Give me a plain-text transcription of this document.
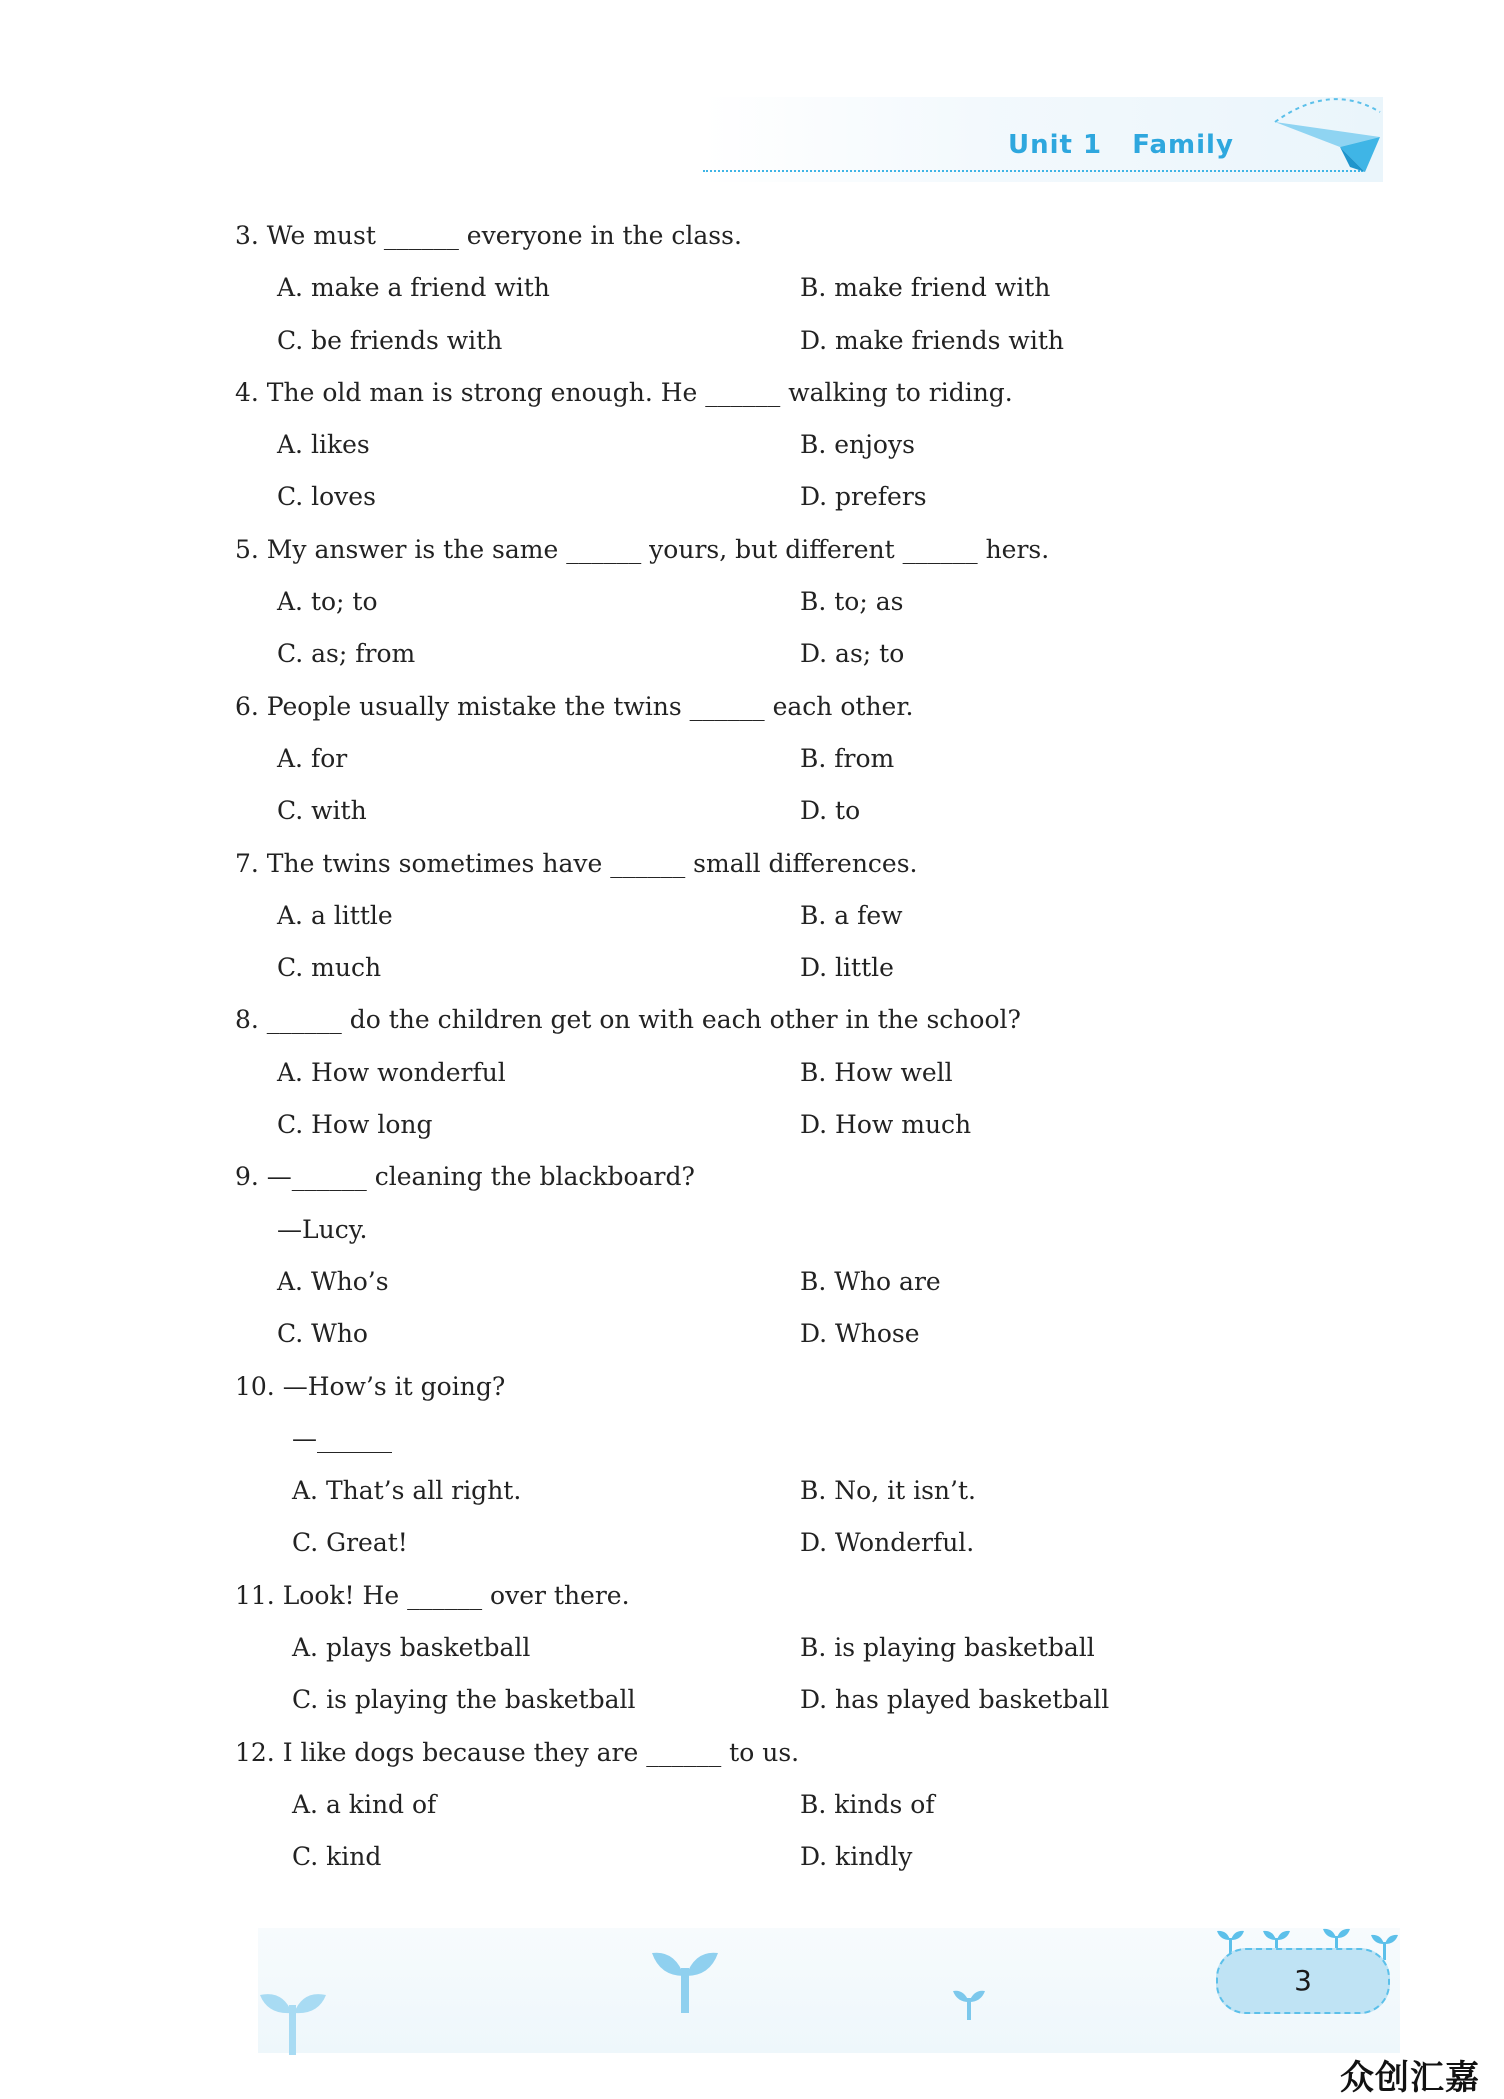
Unit 1   Family
3. We must ______ everyone in the class.
A. make a friend with	B. make friend with
C. be friends with	D. make friends with
4. The old man is strong enough. He ______ walking to riding.
A. likes	B. enjoys
C. loves	D. prefers
5. My answer is the same ______ yours, but different ______ hers.
A. to; to	B. to; as
C. as; from	D. as; to
6. People usually mistake the twins ______ each other.
A. for	B. from
C. with	D. to
7. The twins sometimes have ______ small differences.
A. a little	B. a few
C. much	D. little
8. ______ do the children get on with each other in the school?
A. How wonderful	B. How well
C. How long	D. How much
9. —______ cleaning the blackboard?
—Lucy.
A. Who’s	B. Who are
C. Who	D. Whose
10. —How’s it going?
—______
A. That’s all right.	B. No, it isn’t.
C. Great!	D. Wonderful.
11. Look! He ______ over there.
A. plays basketball	B. is playing basketball
C. is playing the basketball	D. has played basketball
12. I like dogs because they are ______ to us.
A. a kind of	B. kinds of
C. kind	D. kindly
3
众创汇嘉
